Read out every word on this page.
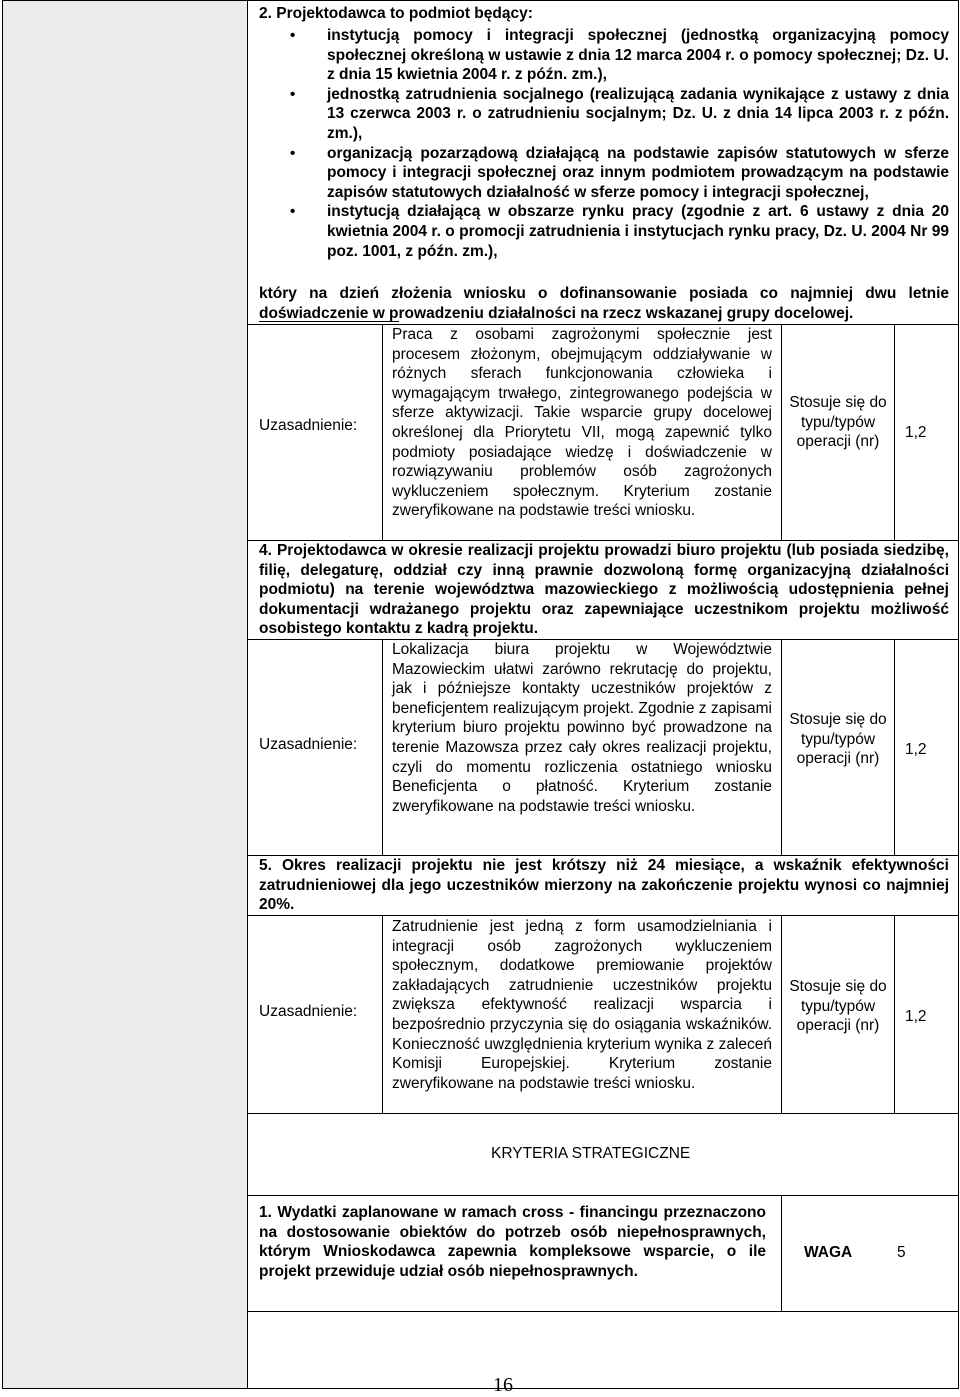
2. Projektodawca to podmiot będący:
• instytucją pomocy i integracji społecznej (jednostką organizacyjną pomocy społecznej określoną w ustawie z dnia 12 marca 2004 r. o pomocy społecznej; Dz. U. z dnia 15 kwietnia 2004 r. z późn. zm.),
• jednostką zatrudnienia socjalnego (realizującą zadania wynikające z ustawy z dnia 13 czerwca 2003 r. o zatrudnieniu socjalnym; Dz. U. z dnia 14 lipca 2003 r. z późn. zm.),
• organizacją pozarządową działającą na podstawie zapisów statutowych w sferze pomocy i integracji społecznej oraz innym podmiotem prowadzącym na podstawie zapisów statutowych działalność w sferze pomocy i integracji społecznej,
• instytucją działającą w obszarze rynku pracy (zgodnie z art. 6 ustawy z dnia 20 kwietnia 2004 r. o promocji zatrudnienia i instytucjach rynku pracy, Dz. U. 2004 Nr 99 poz. 1001, z późn. zm.),
który na dzień złożenia wniosku o dofinansowanie posiada co najmniej dwu letnie
doświadczenie w prowadzeniu działalności na rzecz wskazanej grupy docelowej.
Uzasadnienie:
Praca z osobami zagrożonymi społecznie jest procesem złożonym, obejmującym oddziaływanie w różnych sferach funkcjonowania człowieka i wymagającym trwałego, zintegrowanego podejścia w sferze aktywizacji. Takie wsparcie grupy docelowej określonej dla Priorytetu VII, mogą zapewnić tylko podmioty posiadające wiedzę i doświadczenie w rozwiązywaniu problemów osób zagrożonych wykluczeniem społecznym. Kryterium zostanie zweryfikowane na podstawie treści wniosku.
Stosuje się do typu/typów operacji (nr)
1,2
4. Projektodawca w okresie realizacji projektu prowadzi biuro projektu (lub posiada siedzibę, filię, delegaturę, oddział czy inną prawnie dozwoloną formę organizacyjną działalności podmiotu) na terenie województwa mazowieckiego z możliwością udostępnienia pełnej dokumentacji wdrażanego projektu oraz zapewniające uczestnikom projektu możliwość osobistego kontaktu z kadrą projektu.
Uzasadnienie:
Lokalizacja biura projektu w Województwie Mazowieckim ułatwi zarówno rekrutację do projektu, jak i późniejsze kontakty uczestników projektów z beneficjentem realizującym projekt. Zgodnie z zapisami kryterium biuro projektu powinno być prowadzone na terenie Mazowsza przez cały okres realizacji projektu, czyli do momentu rozliczenia ostatniego wniosku Beneficjenta o płatność. Kryterium zostanie zweryfikowane na podstawie treści wniosku.
Stosuje się do typu/typów operacji (nr)
1,2
5. Okres realizacji projektu nie jest krótszy niż 24 miesiące, a wskaźnik efektywności zatrudnieniowej dla jego uczestników mierzony na zakończenie projektu wynosi co najmniej 20%.
Uzasadnienie:
Zatrudnienie jest jedną z form usamodzielniania i integracji osób zagrożonych wykluczeniem społecznym, dodatkowe premiowanie projektów zakładających zatrudnienie uczestników projektu zwiększa efektywność realizacji wsparcia i bezpośrednio przyczynia się do osiągania wskaźników. Konieczność uwzględnienia kryterium wynika z zaleceń Komisji Europejskiej. Kryterium zostanie zweryfikowane na podstawie treści wniosku.
Stosuje się do typu/typów operacji (nr)
1,2
KRYTERIA STRATEGICZNE
1. Wydatki zaplanowane w ramach cross - financingu przeznaczono na dostosowanie obiektów do potrzeb osób niepełnosprawnych, którym Wnioskodawca zapewnia kompleksowe wsparcie, o ile projekt przewiduje udział osób niepełnosprawnych.
WAGA	5
16
